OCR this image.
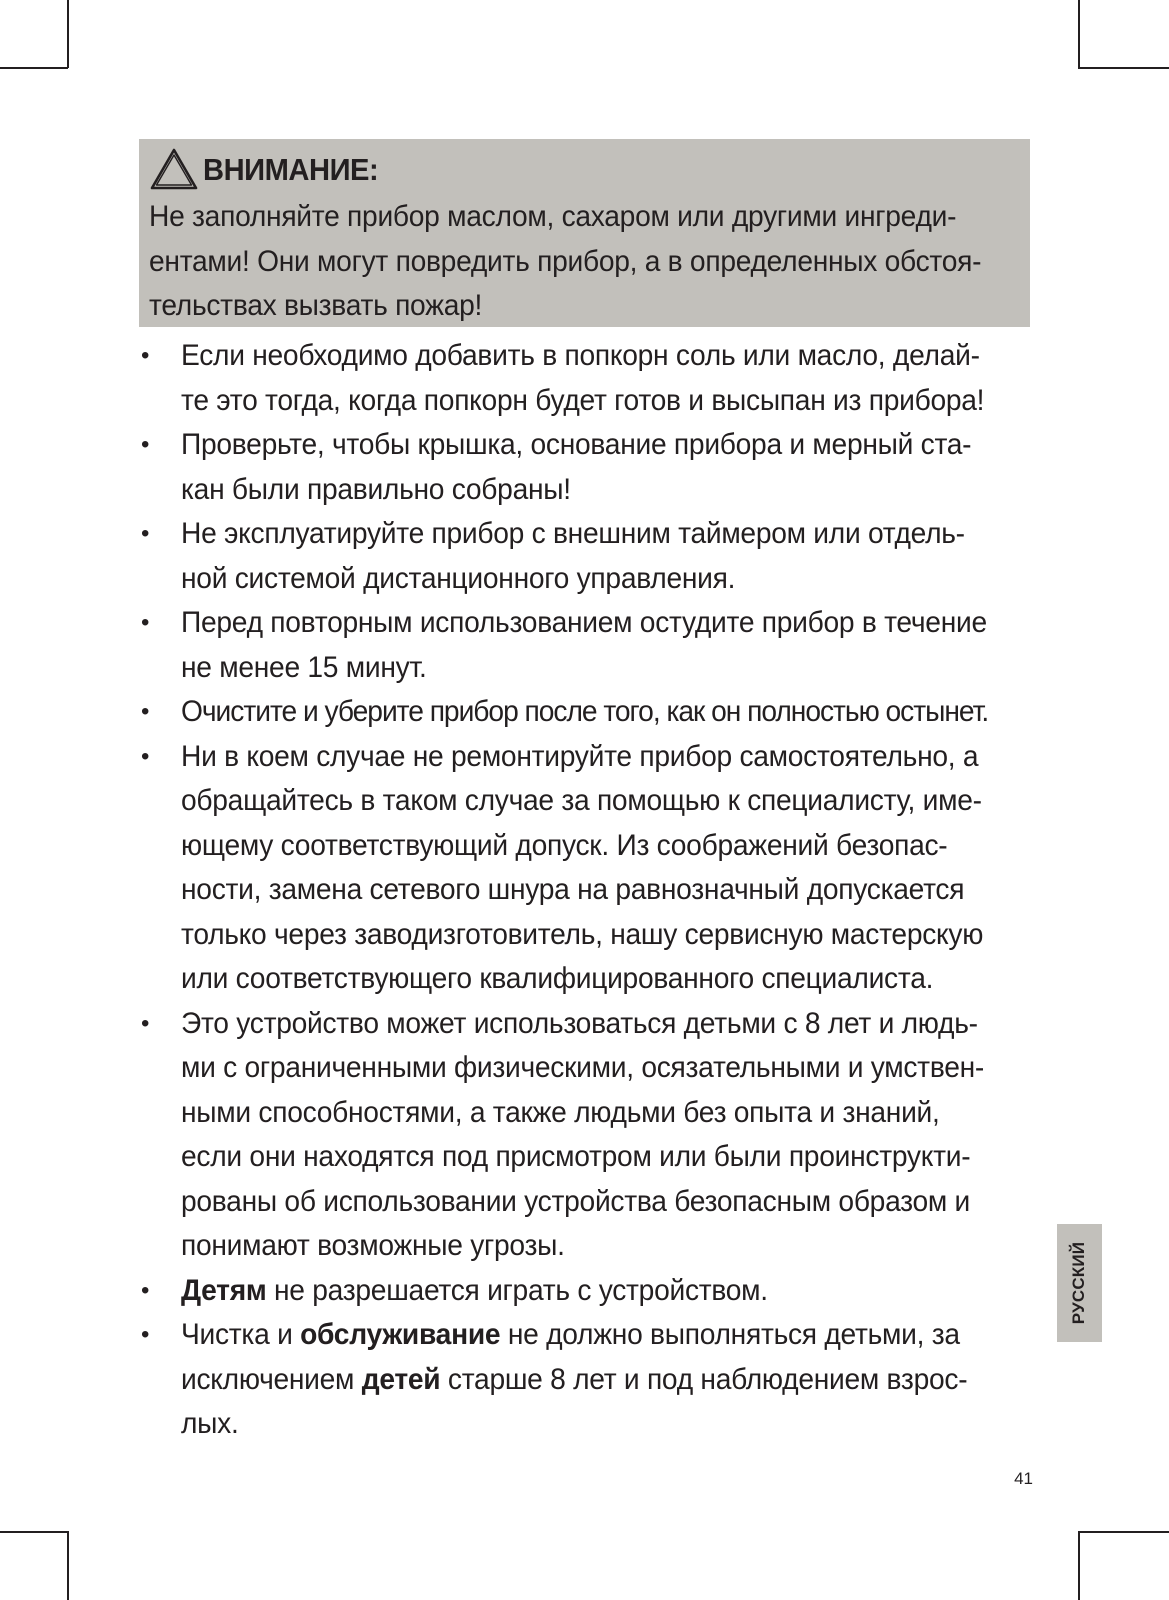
ВНИМАНИЕ:
Не заполняйте прибор маслом, сахаром или другими ингреди-
ентами! Они могут повредить прибор, а в определенных обстоя-
тельствах вызвать пожар!
• Если необходимо добавить в попкорн соль или масло, делай-
те это тогда, когда попкорн будет готов и высыпан из прибора!
• Проверьте, чтобы крышка, основание прибора и мерный ста-
кан были правильно собраны!
• Не эксплуатируйте прибор с внешним таймером или отдель-
ной системой дистанционного управления.
• Перед повторным использованием остудите прибор в течение
не менее 15 минут.
• Очистите и уберите прибор после того, как он полностью остынет.
• Ни в коем случае не ремонтируйте прибор самостоятельно, а
обращайтесь в таком случае за помощью к специалисту, име-
ющему соответствующий допуск. Из соображений безопас-
ности, замена сетевого шнура на равнозначный допускается
только через заводизготовитель, нашу сервисную мастерскую
или соответствующего квалифицированного специалиста.
• Это устройство может использоваться детьми с 8 лет и людь-
ми с ограниченными физическими, осязательными и умствен-
ными способностями, а также людьми без опыта и знаний,
если они находятся под присмотром или были проинструкти-
рованы об использовании устройства безопасным образом и
понимают возможные угрозы.
• Детям не разрешается играть с устройством.
• Чистка и обслуживание не должно выполняться детьми, за
исключением детей старше 8 лет и под наблюдением взрос-
лых.
РУССКИЙ
41
